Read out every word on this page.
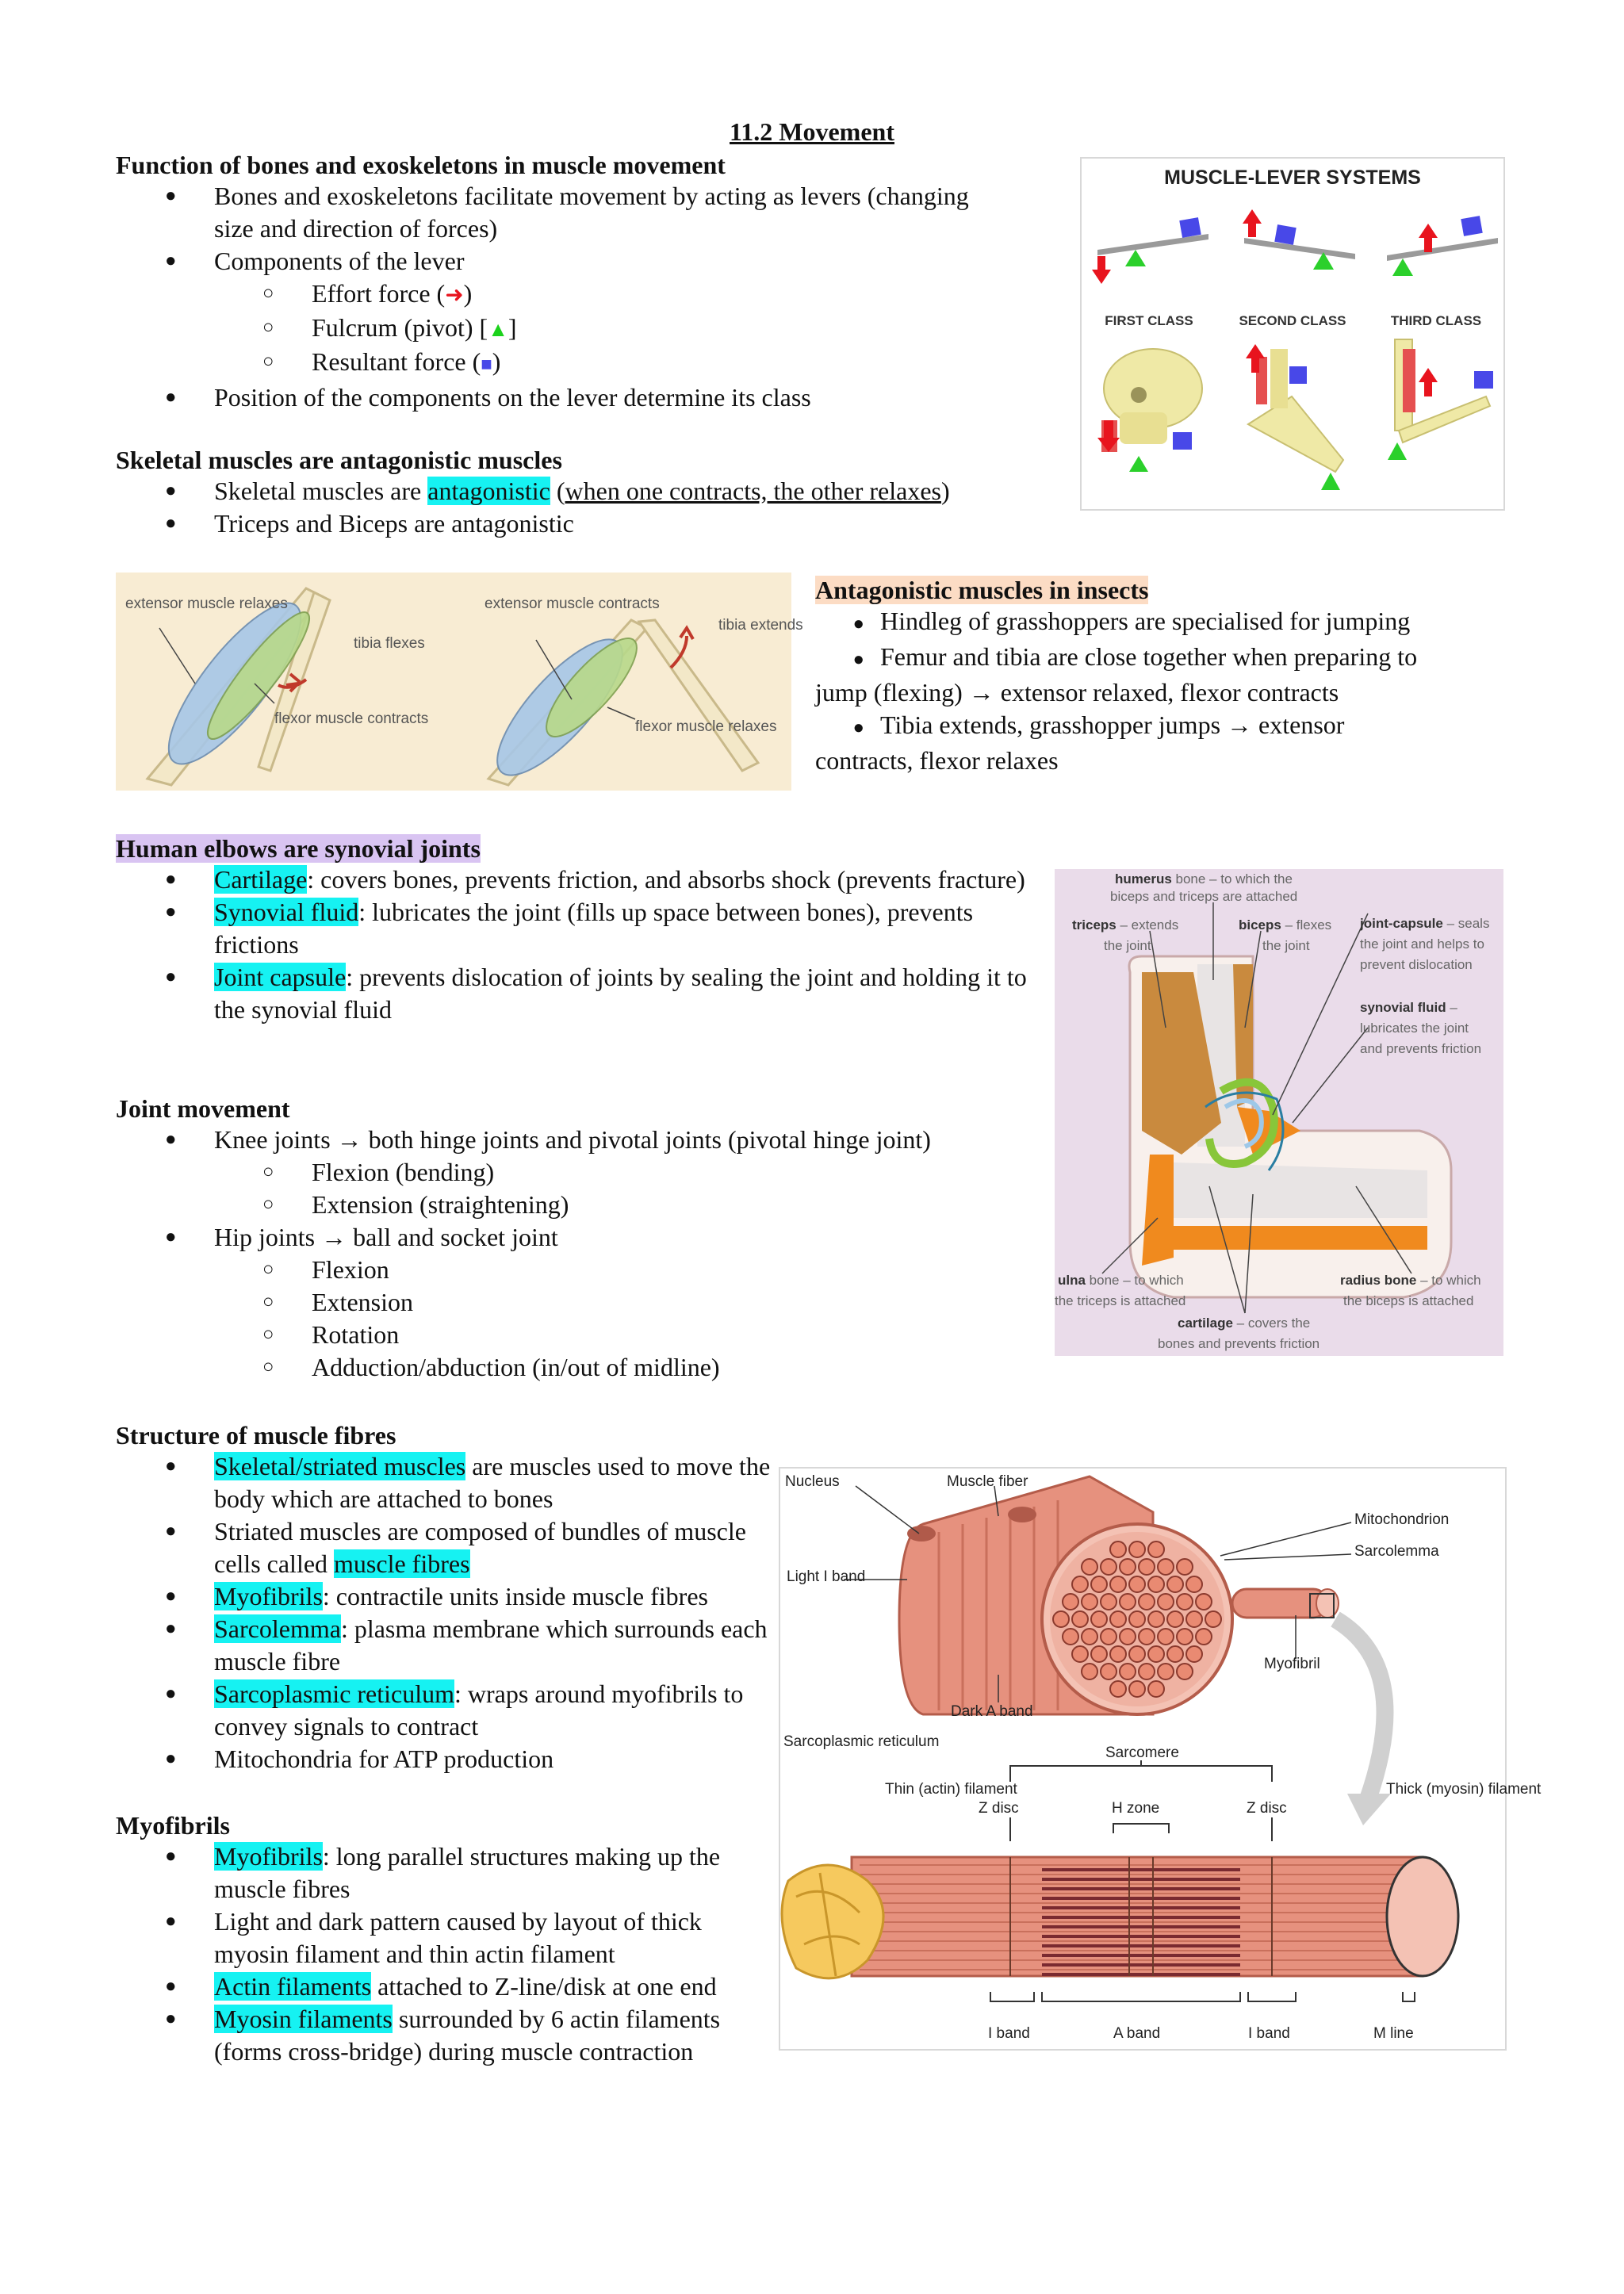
11.2 Movement
Function of bones and exoskeletons in muscle movement
● Bones and exoskeletons facilitate movement by acting as levers (changing size and direction of forces)
● Components of the lever
○ Effort force (➜)
○ Fulcrum (pivot) [▲]
○ Resultant force (■)
● Position of the components on the lever determine its class
MUSCLE-LEVER SYSTEMS
FIRST CLASS	SECOND CLASS	THIRD CLASS
Skeletal muscles are antagonistic muscles
● Skeletal muscles are antagonistic (when one contracts, the other relaxes)
● Triceps and Biceps are antagonistic
extensor muscle relaxes
tibia flexes
flexor muscle contracts
extensor muscle contracts
tibia extends
flexor muscle relaxes
Antagonistic muscles in insects
● Hindleg of grasshoppers are specialised for jumping
● Femur and tibia are close together when preparing to
jump (flexing) → extensor relaxed, flexor contracts
● Tibia extends, grasshopper jumps → extensor
contracts, flexor relaxes
Human elbows are synovial joints
● Cartilage: covers bones, prevents friction, and absorbs shock (prevents fracture)
● Synovial fluid: lubricates the joint (fills up space between bones), prevents frictions
● Joint capsule: prevents dislocation of joints by sealing the joint and holding it to the synovial fluid
humerus bone – to which the
biceps and triceps are attached
triceps – extends
the joint
biceps – flexes
the joint
joint-capsule – seals
the joint and helps to
prevent dislocation
synovial fluid –
lubricates the joint
and prevents friction
ulna bone – to which
the triceps is attached
radius bone – to which
the biceps is attached
cartilage – covers the
bones and prevents friction
Joint movement
● Knee joints → both hinge joints and pivotal joints (pivotal hinge joint)
○ Flexion (bending)
○ Extension (straightening)
● Hip joints → ball and socket joint
○ Flexion
○ Extension
○ Rotation
○ Adduction/abduction (in/out of midline)
Structure of muscle fibres
● Skeletal/striated muscles are muscles used to move the body which are attached to bones
● Striated muscles are composed of bundles of muscle cells called muscle fibres
● Myofibrils: contractile units inside muscle fibres
● Sarcolemma: plasma membrane which surrounds each muscle fibre
● Sarcoplasmic reticulum: wraps around myofibrils to convey signals to contract
● Mitochondria for ATP production
Myofibrils
● Myofibrils: long parallel structures making up the muscle fibres
● Light and dark pattern caused by layout of thick myosin filament and thin actin filament
● Actin filaments attached to Z-line/disk at one end
● Myosin filaments surrounded by 6 actin filaments (forms cross-bridge) during muscle contraction
Nucleus	Muscle fiber
Mitochondrion
Sarcolemma
Light I band
Myofibril
Dark A band
Sarcoplasmic reticulum
Sarcomere
Thin (actin) filament
Z disc	H zone	Z disc
Thick (myosin) filament
I band	A band	I band	M line
